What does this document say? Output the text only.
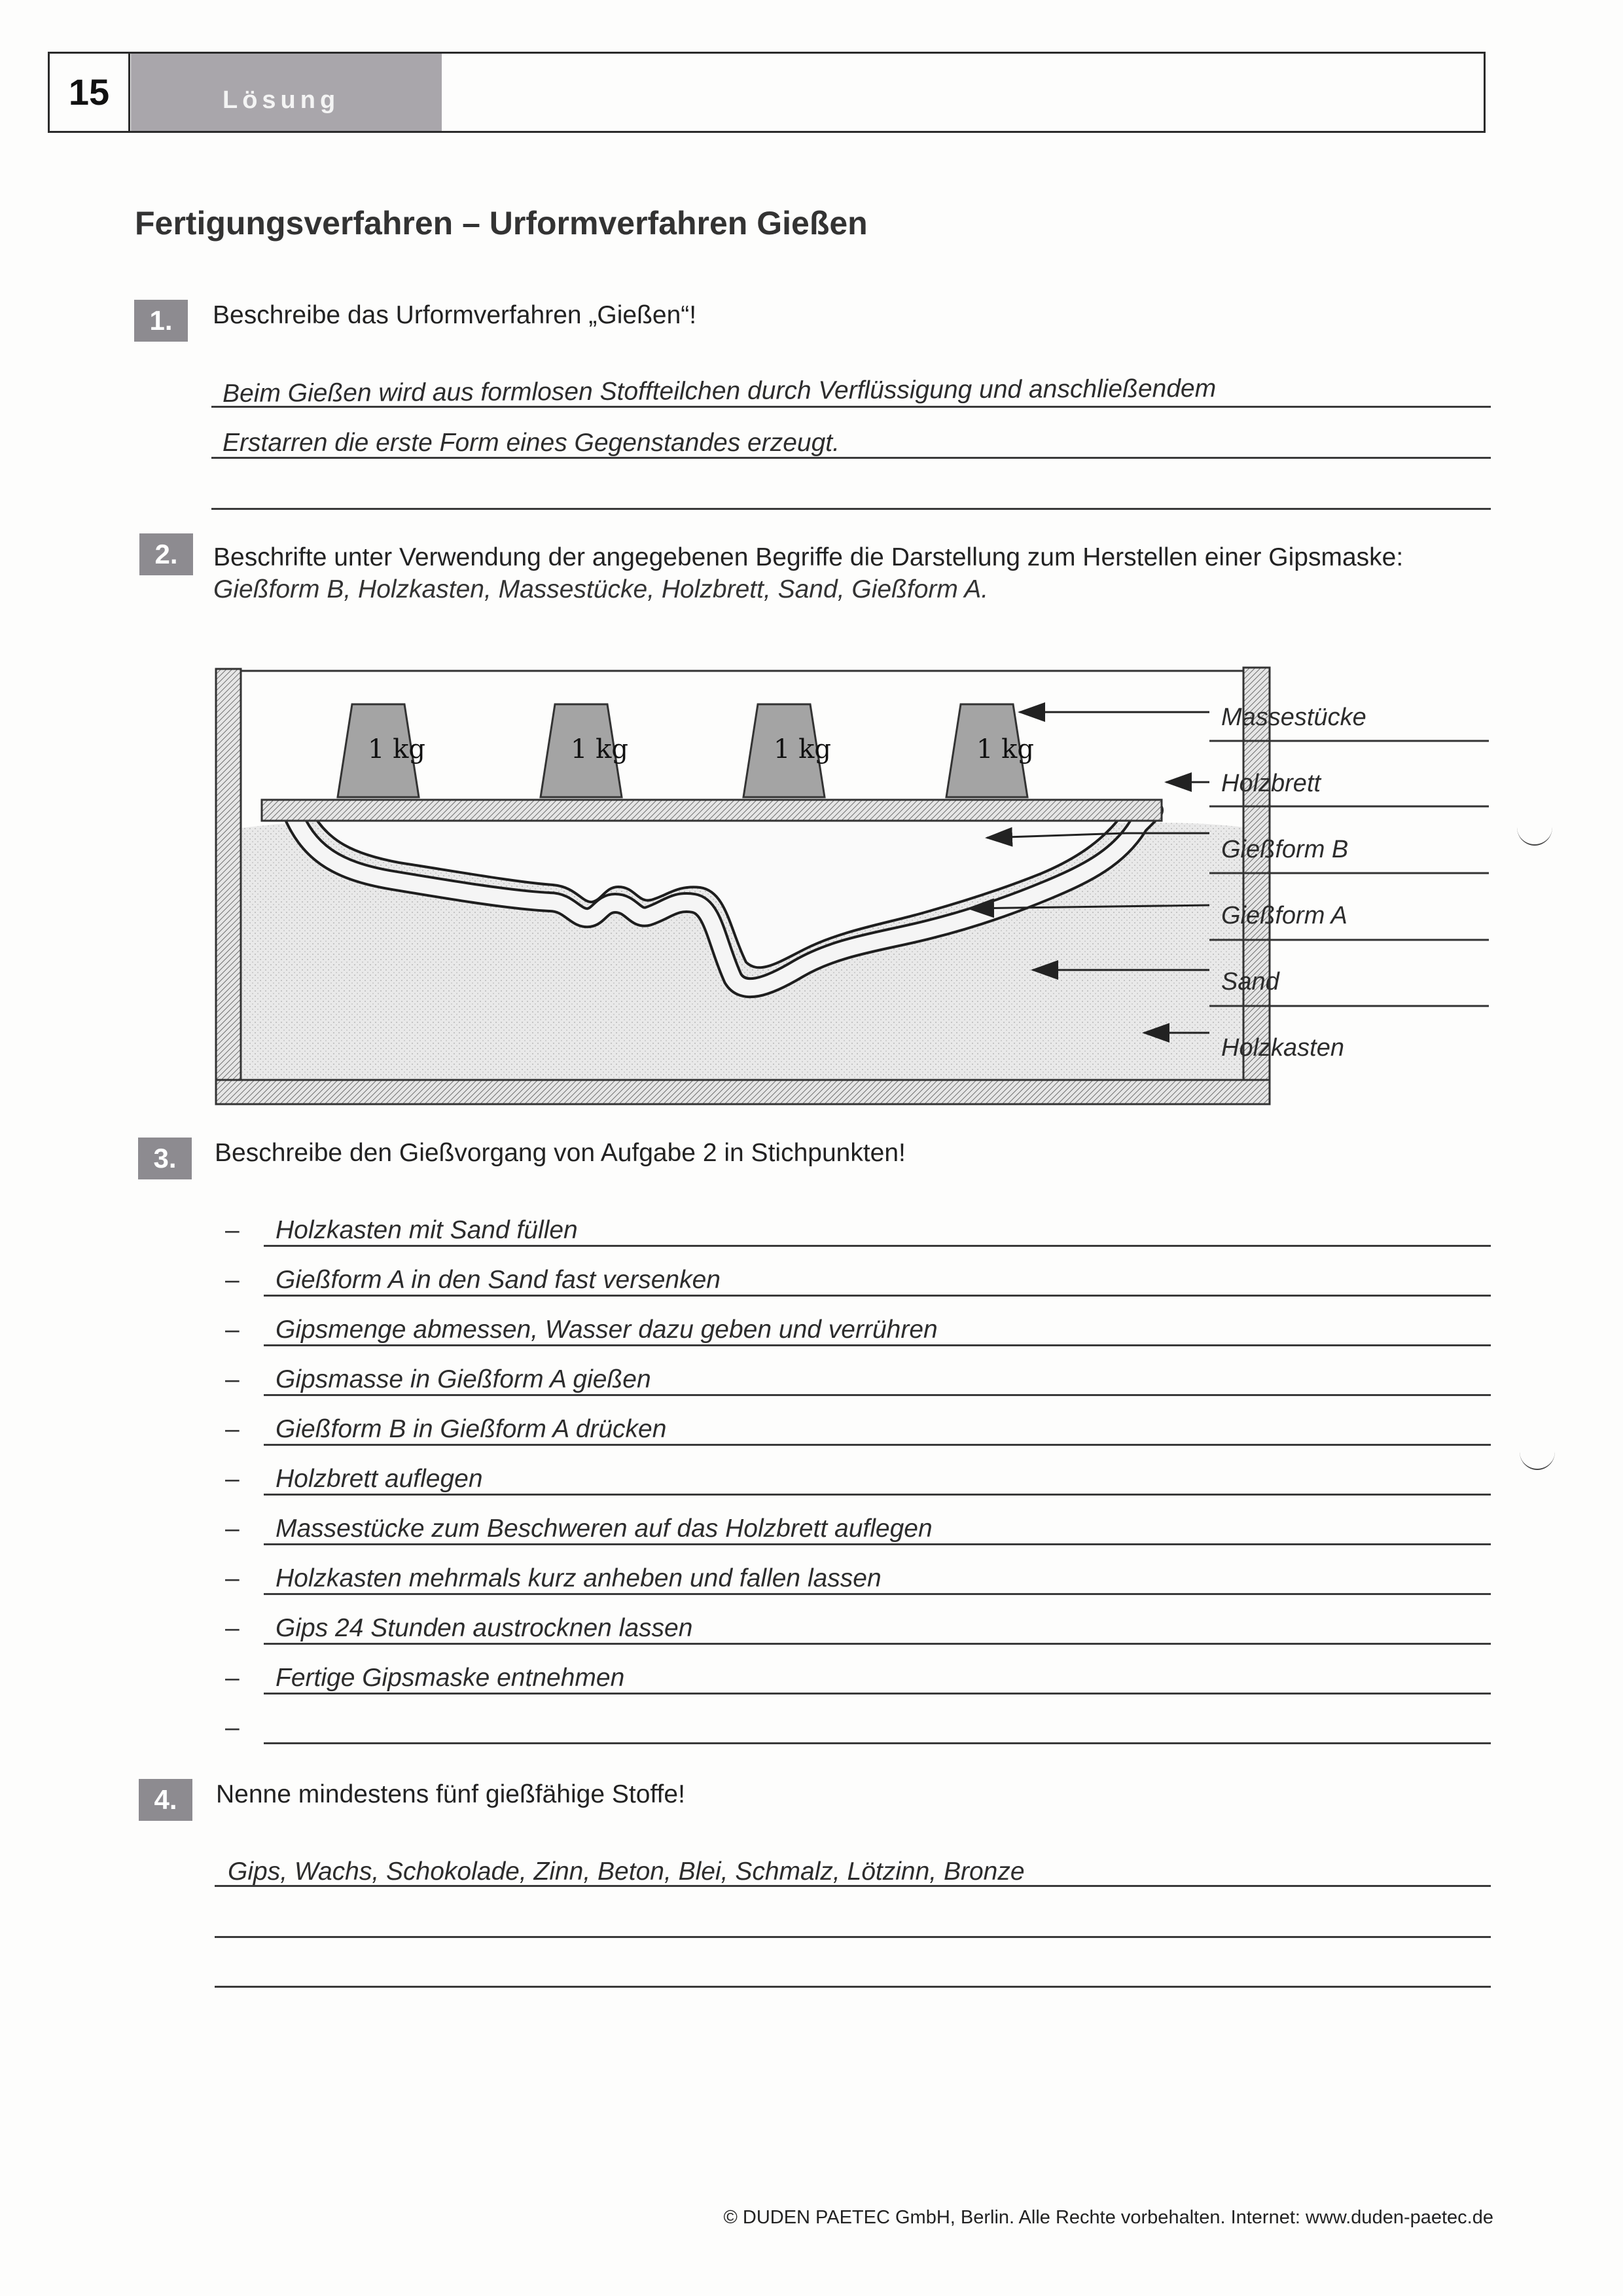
15	Lösung
Fertigungsverfahren – Urformverfahren Gießen
1.	Beschreibe das Urformverfahren „Gießen“!
Beim Gießen wird aus formlosen Stoffteilchen durch Verflüssigung und anschließendem
Erstarren die erste Form eines Gegenstandes erzeugt.
2.	Beschrifte unter Verwendung der angegebenen Begriffe die Darstellung zum Herstellen einer Gipsmaske:
Gießform B, Holzkasten, Massestücke, Holzbrett, Sand, Gießform A.
1 kg	1 kg	1 kg	1 kg
Massestücke
Holzbrett
Gießform B
Gießform A
Sand
Holzkasten
3.	Beschreibe den Gießvorgang von Aufgabe 2 in Stichpunkten!
– Holzkasten mit Sand füllen
– Gießform A in den Sand fast versenken
– Gipsmenge abmessen, Wasser dazu geben und verrühren
– Gipsmasse in Gießform A gießen
– Gießform B in Gießform A drücken
– Holzbrett auflegen
– Massestücke zum Beschweren auf das Holzbrett auflegen
– Holzkasten mehrmals kurz anheben und fallen lassen
– Gips 24 Stunden austrocknen lassen
– Fertige Gipsmaske entnehmen
–
4.	Nenne mindestens fünf gießfähige Stoffe!
Gips, Wachs, Schokolade, Zinn, Beton, Blei, Schmalz, Lötzinn, Bronze
© DUDEN PAETEC GmbH, Berlin. Alle Rechte vorbehalten. Internet: www.duden-paetec.de
